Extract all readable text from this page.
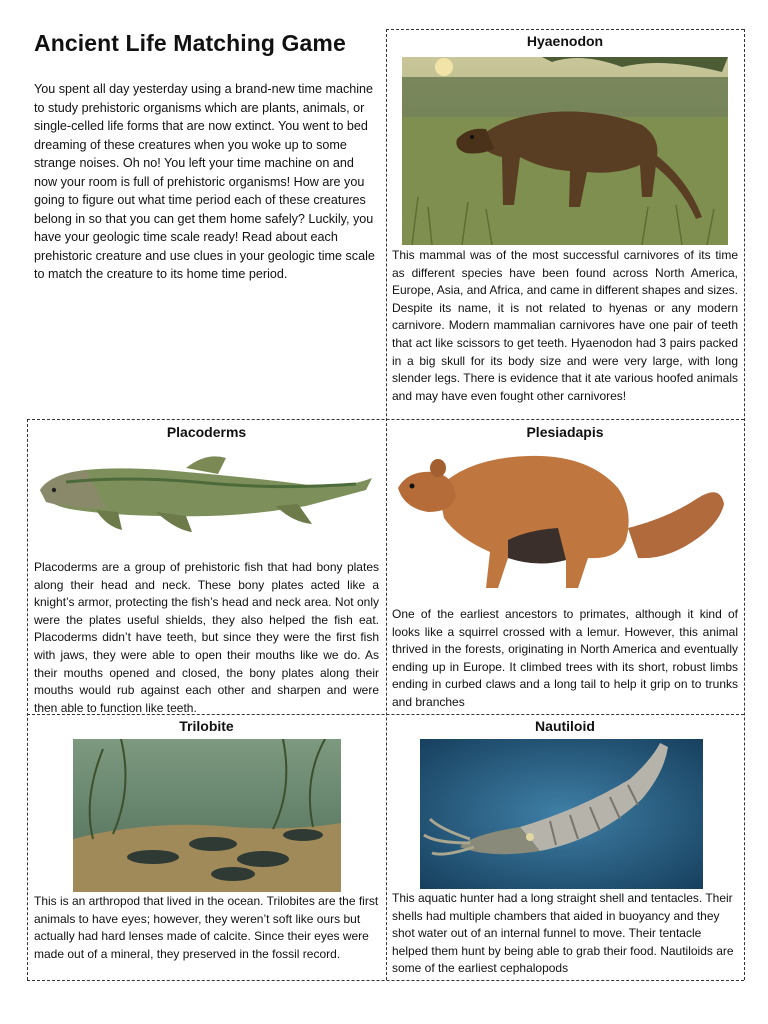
Ancient Life Matching Game
You spent all day yesterday using a brand-new time machine to study prehistoric organisms which are plants, animals, or single-celled life forms that are now extinct. You went to bed dreaming of these creatures when you woke up to some strange noises. Oh no! You left your time machine on and now your room is full of prehistoric organisms! How are you going to figure out what time period each of these creatures belong in so that you can get them home safely? Luckily, you have your geologic time scale ready! Read about each prehistoric creature and use clues in your geologic time scale to match the creature to its home time period.
Hyaenodon
This mammal was of the most successful carnivores of its time as different species have been found across North America, Europe, Asia, and Africa, and came in different shapes and sizes. Despite its name, it is not related to hyenas or any modern carnivore. Modern mammalian carnivores have one pair of teeth that act like scissors to get teeth. Hyaenodon had 3 pairs packed in a big skull for its body size and were very large, with long slender legs. There is evidence that it ate various hoofed animals and may have even fought other carnivores!
Placoderms
Placoderms are a group of prehistoric fish that had bony plates along their head and neck. These bony plates acted like a knight’s armor, protecting the fish’s head and neck area. Not only were the plates useful shields, they also helped the fish eat. Placoderms didn’t have teeth, but since they were the first fish with jaws, they were able to open their mouths like we do. As their mouths opened and closed, the bony plates along their mouths would rub against each other and sharpen and were then able to function like teeth.
Plesiadapis
One of the earliest ancestors to primates, although it kind of looks like a squirrel crossed with a lemur. However, this animal thrived in the forests, originating in North America and eventually ending up in Europe. It climbed trees with its short, robust limbs ending in curbed claws and a long tail to help it grip on to trunks and branches
Trilobite
This is an arthropod that lived in the ocean. Trilobites are the first animals to have eyes; however, they weren’t soft like ours but actually had hard lenses made of calcite. Since their eyes were made out of a mineral, they preserved in the fossil record.
Nautiloid
This aquatic hunter had a long straight shell and tentacles. Their shells had multiple chambers that aided in buoyancy and they shot water out of an internal funnel to move. Their tentacle helped them hunt by being able to grab their food. Nautiloids are some of the earliest cephalopods
